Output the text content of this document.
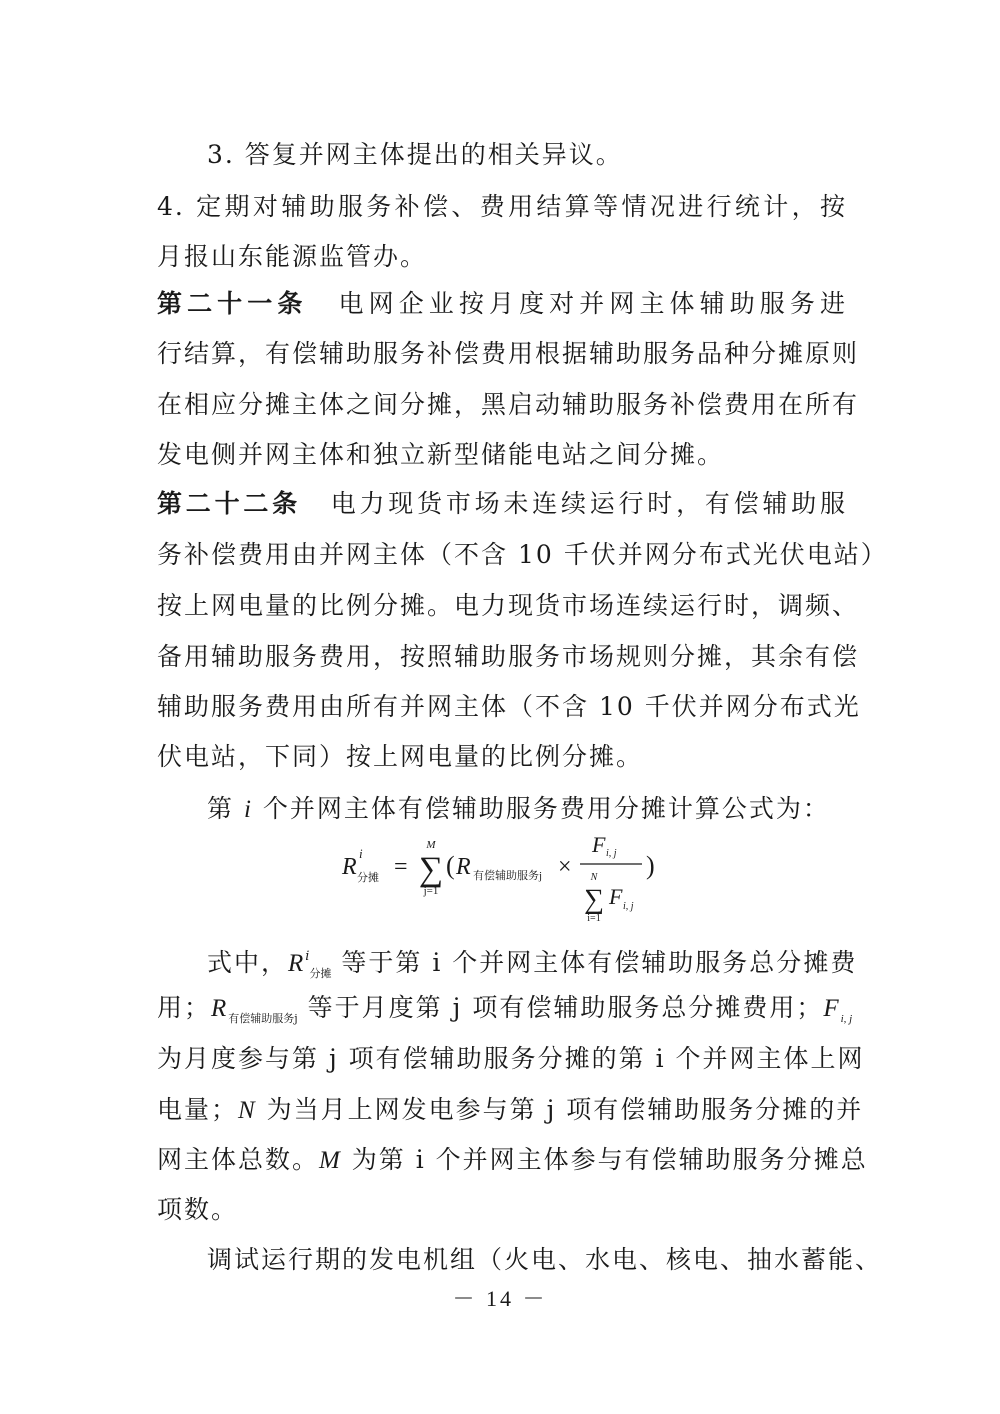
3. 答复并网主体提出的相关异议。
4. 定期对辅助服务补偿、费用结算等情况进行统计，按
月报山东能源监管办。
第二十一条 电网企业按月度对并网主体辅助服务进
行结算，有偿辅助服务补偿费用根据辅助服务品种分摊原则
在相应分摊主体之间分摊，黑启动辅助服务补偿费用在所有
发电侧并网主体和独立新型储能电站之间分摊。
第二十二条 电力现货市场未连续运行时，有偿辅助服
务补偿费用由并网主体（不含 10 千伏并网分布式光伏电站）
按上网电量的比例分摊。电力现货市场连续运行时，调频、
备用辅助服务费用，按照辅助服务市场规则分摊，其余有偿
辅助服务费用由所有并网主体（不含 10 千伏并网分布式光
伏电站，下同）按上网电量的比例分摊。
第 i 个并网主体有偿辅助服务费用分摊计算公式为：
R
i
分摊 =
M
∑
j=1
( R 有偿辅助服务j ×
F i, j
N
∑
i=1
F i, j
)
式中，$R^i_{分摊}$ 等于第 i 个并网主体有偿辅助服务总分摊费
用；$R_{有偿辅助服务j}$ 等于月度第 j 项有偿辅助服务总分摊费用；$F_{i, j}$
为月度参与第 j 项有偿辅助服务分摊的第 i 个并网主体上网
电量；N 为当月上网发电参与第 j 项有偿辅助服务分摊的并
网主体总数。M 为第 i 个并网主体参与有偿辅助服务分摊总
项数。
调试运行期的发电机组（火电、水电、核电、抽水蓄能、
－ 14 －
